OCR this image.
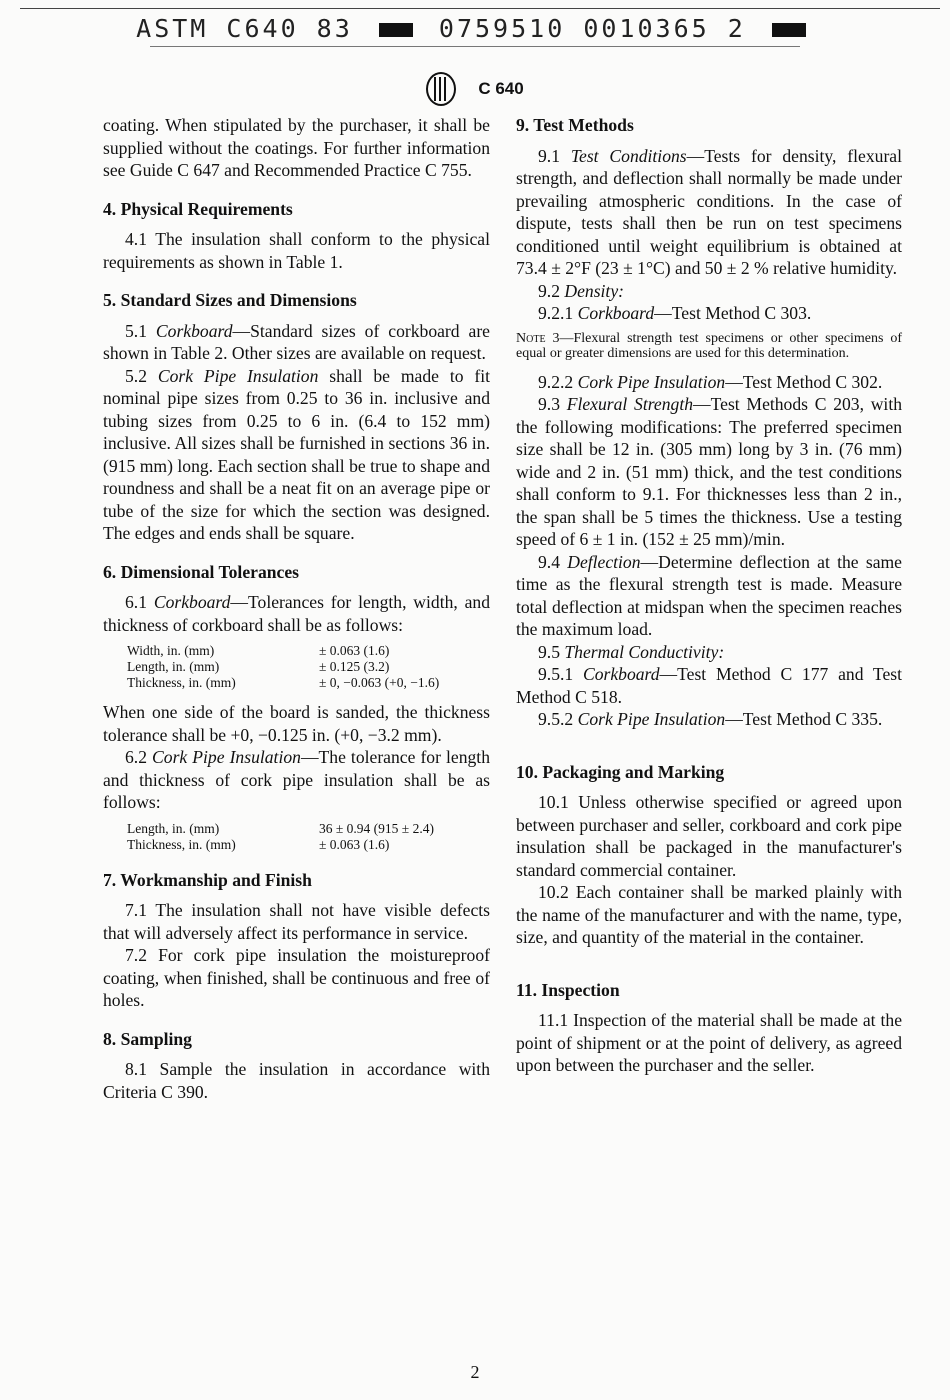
ASTM C640 83	0759510 0010365 2
C 640

coating. When stipulated by the purchaser, it shall be supplied without the coatings. For further information see Guide C 647 and Recommended Practice C 755.

4. Physical Requirements

4.1 The insulation shall conform to the physical requirements as shown in Table 1.

5. Standard Sizes and Dimensions

5.1 Corkboard—Standard sizes of corkboard are shown in Table 2. Other sizes are available on request.

5.2 Cork Pipe Insulation shall be made to fit nominal pipe sizes from 0.25 to 36 in. inclusive and tubing sizes from 0.25 to 6 in. (6.4 to 152 mm) inclusive. All sizes shall be furnished in sections 36 in. (915 mm) long. Each section shall be true to shape and roundness and shall be a neat fit on an average pipe or tube of the size for which the section was designed. The edges and ends shall be square.

6. Dimensional Tolerances

6.1 Corkboard—Tolerances for length, width, and thickness of corkboard shall be as follows:

Width, in. (mm)	± 0.063 (1.6)
Length, in. (mm)	± 0.125 (3.2)
Thickness, in. (mm)	± 0, −0.063 (+0, −1.6)

When one side of the board is sanded, the thickness tolerance shall be +0, −0.125 in. (+0, −3.2 mm).

6.2 Cork Pipe Insulation—The tolerance for length and thickness of cork pipe insulation shall be as follows:

Length, in. (mm)	36 ± 0.94 (915 ± 2.4)
Thickness, in. (mm)	± 0.063 (1.6)
7. Workmanship and Finish

7.1 The insulation shall not have visible defects that will adversely affect its performance in service.

7.2 For cork pipe insulation the moistureproof coating, when finished, shall be continuous and free of holes.

8. Sampling

8.1 Sample the insulation in accordance with Criteria C 390.

9. Test Methods

9.1 Test Conditions—Tests for density, flexural strength, and deflection shall normally be made under prevailing atmospheric conditions. In the case of dispute, tests shall then be run on test specimens conditioned until weight equilibrium is obtained at 73.4 ± 2°F (23 ± 1°C) and 50 ± 2 % relative humidity.

9.2 Density:

9.2.1 Corkboard—Test Method C 303.

Note 3—Flexural strength test specimens or other specimens of equal or greater dimensions are used for this determination.

9.2.2 Cork Pipe Insulation—Test Method C 302.

9.3 Flexural Strength—Test Methods C 203, with the following modifications: The preferred specimen size shall be 12 in. (305 mm) long by 3 in. (76 mm) wide and 2 in. (51 mm) thick, and the test conditions shall conform to 9.1. For thicknesses less than 2 in., the span shall be 5 times the thickness. Use a testing speed of 6 ± 1 in. (152 ± 25 mm)/min.

9.4 Deflection—Determine deflection at the same time as the flexural strength test is made. Measure total deflection at midspan when the specimen reaches the maximum load.

9.5 Thermal Conductivity:

9.5.1 Corkboard—Test Method C 177 and Test Method C 518.

9.5.2 Cork Pipe Insulation—Test Method C 335.

10. Packaging and Marking

10.1 Unless otherwise specified or agreed upon between purchaser and seller, corkboard and cork pipe insulation shall be packaged in the manufacturer's standard commercial container.

10.2 Each container shall be marked plainly with the name of the manufacturer and with the name, type, size, and quantity of the material in the container.

11. Inspection

11.1 Inspection of the material shall be made at the point of shipment or at the point of delivery, as agreed upon between the purchaser and the seller.

2
